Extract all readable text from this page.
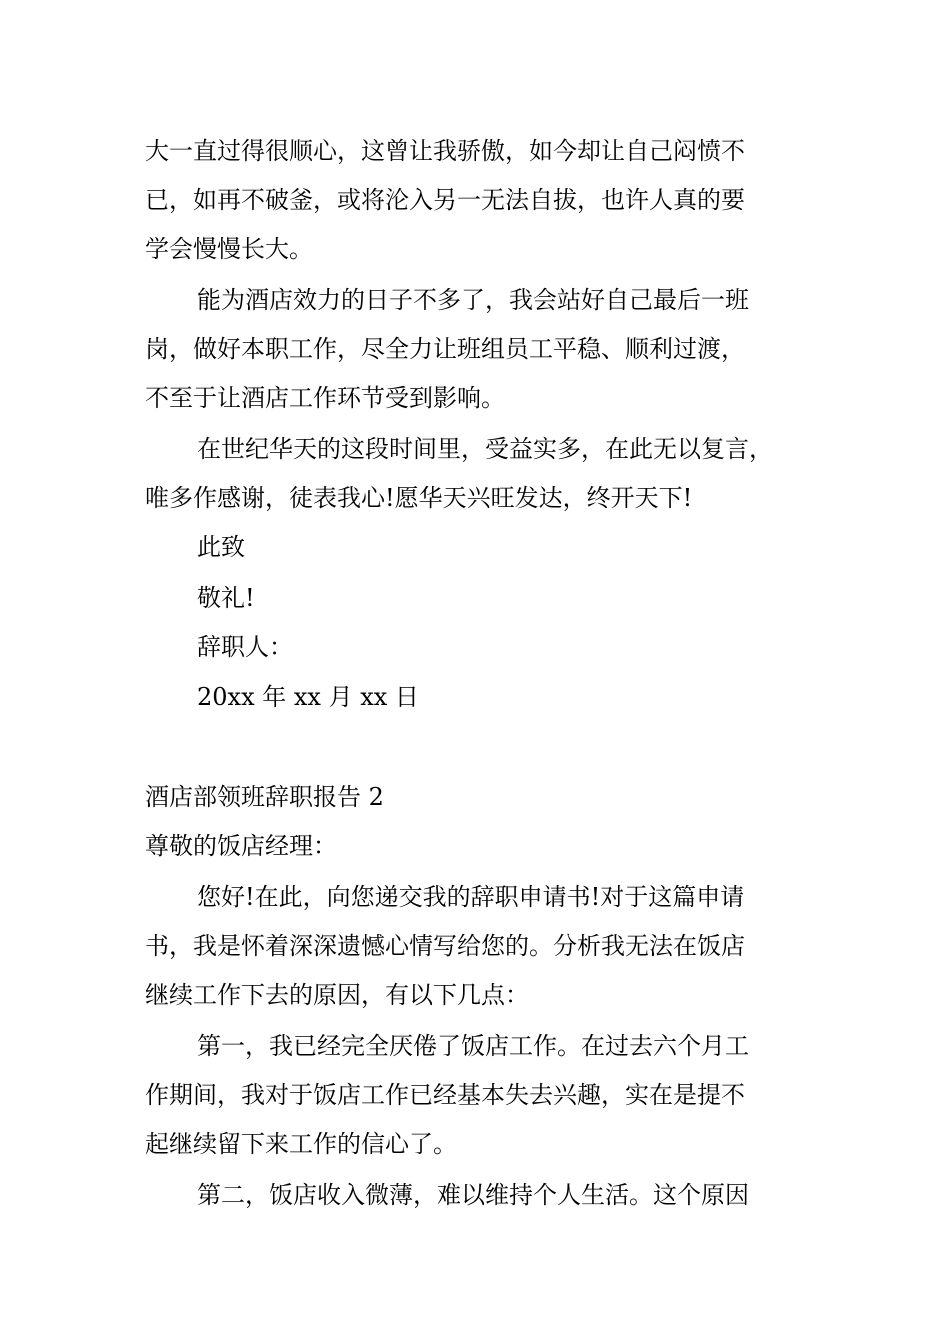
大一直过得很顺心，这曾让我骄傲，如今却让自己闷愤不
已，如再不破釜，或将沦入另一无法自拔，也许人真的要
学会慢慢长大。
能为酒店效力的日子不多了，我会站好自己最后一班
岗，做好本职工作，尽全力让班组员工平稳、顺利过渡，
不至于让酒店工作环节受到影响。
在世纪华天的这段时间里，受益实多，在此无以复言，
唯多作感谢，徒表我心!愿华天兴旺发达，终开天下!
此致
敬礼!
辞职人：
20xx 年 xx 月 xx 日
酒店部领班辞职报告 2
尊敬的饭店经理：
您好!在此，向您递交我的辞职申请书!对于这篇申请
书，我是怀着深深遗憾心情写给您的。分析我无法在饭店
继续工作下去的原因，有以下几点：
第一，我已经完全厌倦了饭店工作。在过去六个月工
作期间，我对于饭店工作已经基本失去兴趣，实在是提不
起继续留下来工作的信心了。
第二，饭店收入微薄，难以维持个人生活。这个原因
